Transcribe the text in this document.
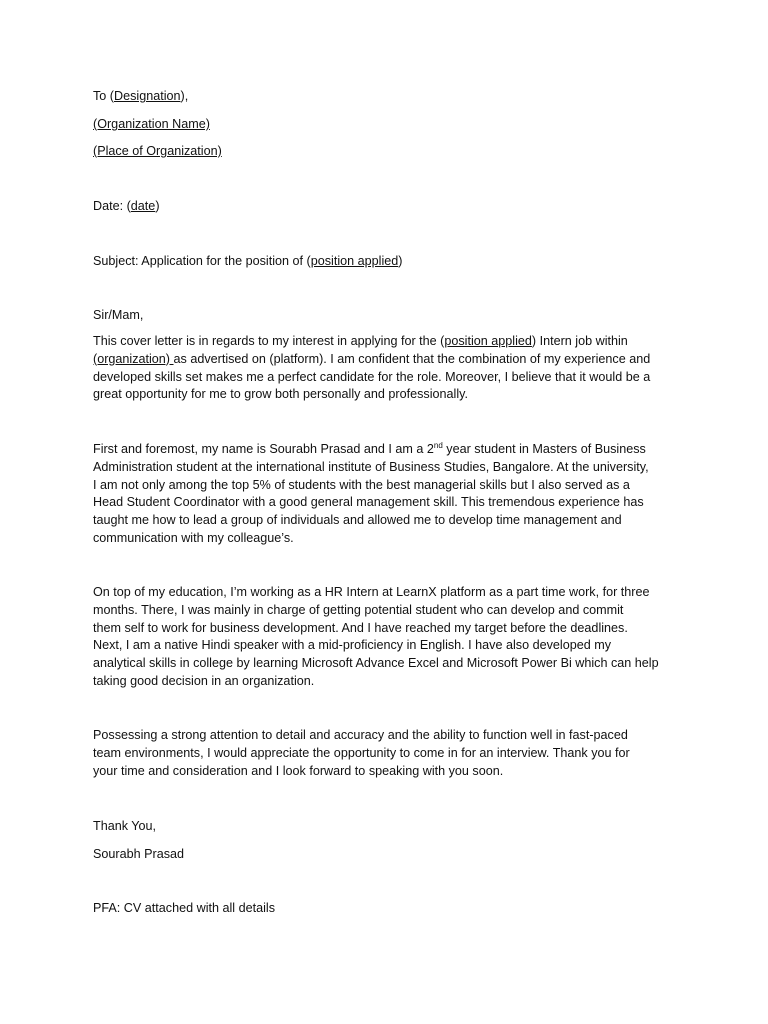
To (Designation),
(Organization Name)
(Place of Organization)
Date: (date)
Subject: Application for the position of (position applied)
Sir/Mam,
This cover letter is in regards to my interest in applying for the (position applied) Intern job within
(organization) as advertised on (platform). I am confident that the combination of my experience and
developed skills set makes me a perfect candidate for the role. Moreover, I believe that it would be a
great opportunity for me to grow both personally and professionally.
First and foremost, my name is Sourabh Prasad and I am a 2nd year student in Masters of Business
Administration student at the international institute of Business Studies, Bangalore. At the university,
I am not only among the top 5% of students with the best managerial skills but I also served as a
Head Student Coordinator with a good general management skill. This tremendous experience has
taught me how to lead a group of individuals and allowed me to develop time management and
communication with my colleague’s.
On top of my education, I’m working as a HR Intern at LearnX platform as a part time work, for three
months. There, I was mainly in charge of getting potential student who can develop and commit
them self to work for business development. And I have reached my target before the deadlines.
Next, I am a native Hindi speaker with a mid-proficiency in English. I have also developed my
analytical skills in college by learning Microsoft Advance Excel and Microsoft Power Bi which can help
taking good decision in an organization.
Possessing a strong attention to detail and accuracy and the ability to function well in fast-paced
team environments, I would appreciate the opportunity to come in for an interview. Thank you for
your time and consideration and I look forward to speaking with you soon.
Thank You,
Sourabh Prasad
PFA: CV attached with all details
